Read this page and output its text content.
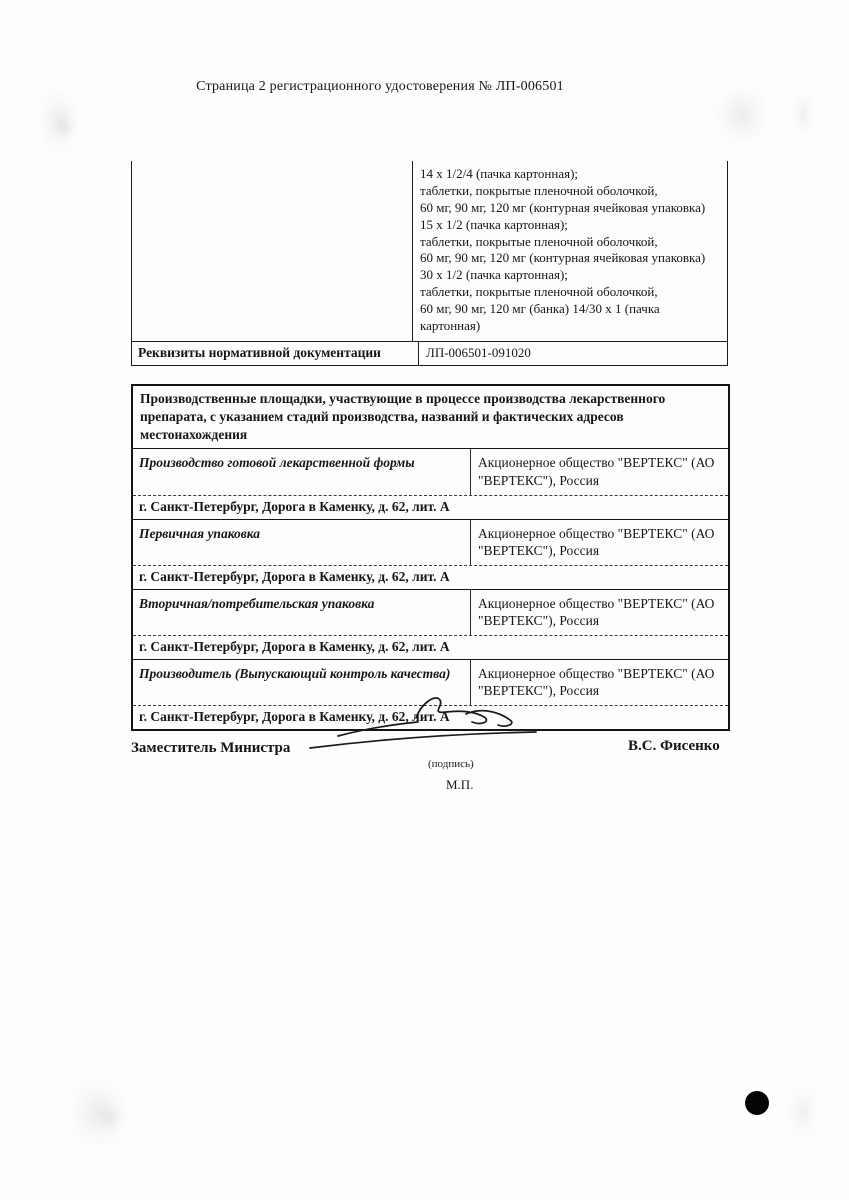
Страница 2 регистрационного удостоверения № ЛП-006501
14 х 1/2/4 (пачка картонная);
таблетки, покрытые пленочной оболочкой,
60 мг, 90 мг, 120 мг (контурная ячейковая упаковка)
15 х 1/2 (пачка картонная);
таблетки, покрытые пленочной оболочкой,
60 мг, 90 мг, 120 мг (контурная ячейковая упаковка)
30 х 1/2 (пачка картонная);
таблетки, покрытые пленочной оболочкой,
60 мг, 90 мг, 120 мг (банка) 14/30 х 1 (пачка картонная)
Реквизиты нормативной документации	ЛП-006501-091020
Производственные площадки, участвующие в процессе производства лекарственного препарата, с указанием стадий производства, названий и фактических адресов местонахождения
Производство готовой лекарственной формы	Акционерное общество "ВЕРТЕКС" (АО "ВЕРТЕКС"), Россия
г. Санкт-Петербург, Дорога в Каменку, д. 62, лит. А
Первичная упаковка	Акционерное общество "ВЕРТЕКС" (АО "ВЕРТЕКС"), Россия
г. Санкт-Петербург, Дорога в Каменку, д. 62, лит. А
Вторичная/потребительская упаковка	Акционерное общество "ВЕРТЕКС" (АО "ВЕРТЕКС"), Россия
г. Санкт-Петербург, Дорога в Каменку, д. 62, лит. А
Производитель (Выпускающий контроль качества)	Акционерное общество "ВЕРТЕКС" (АО "ВЕРТЕКС"), Россия
г. Санкт-Петербург, Дорога в Каменку, д. 62, лит. А
Заместитель Министра
(подпись)
М.П.
В.С. Фисенко
